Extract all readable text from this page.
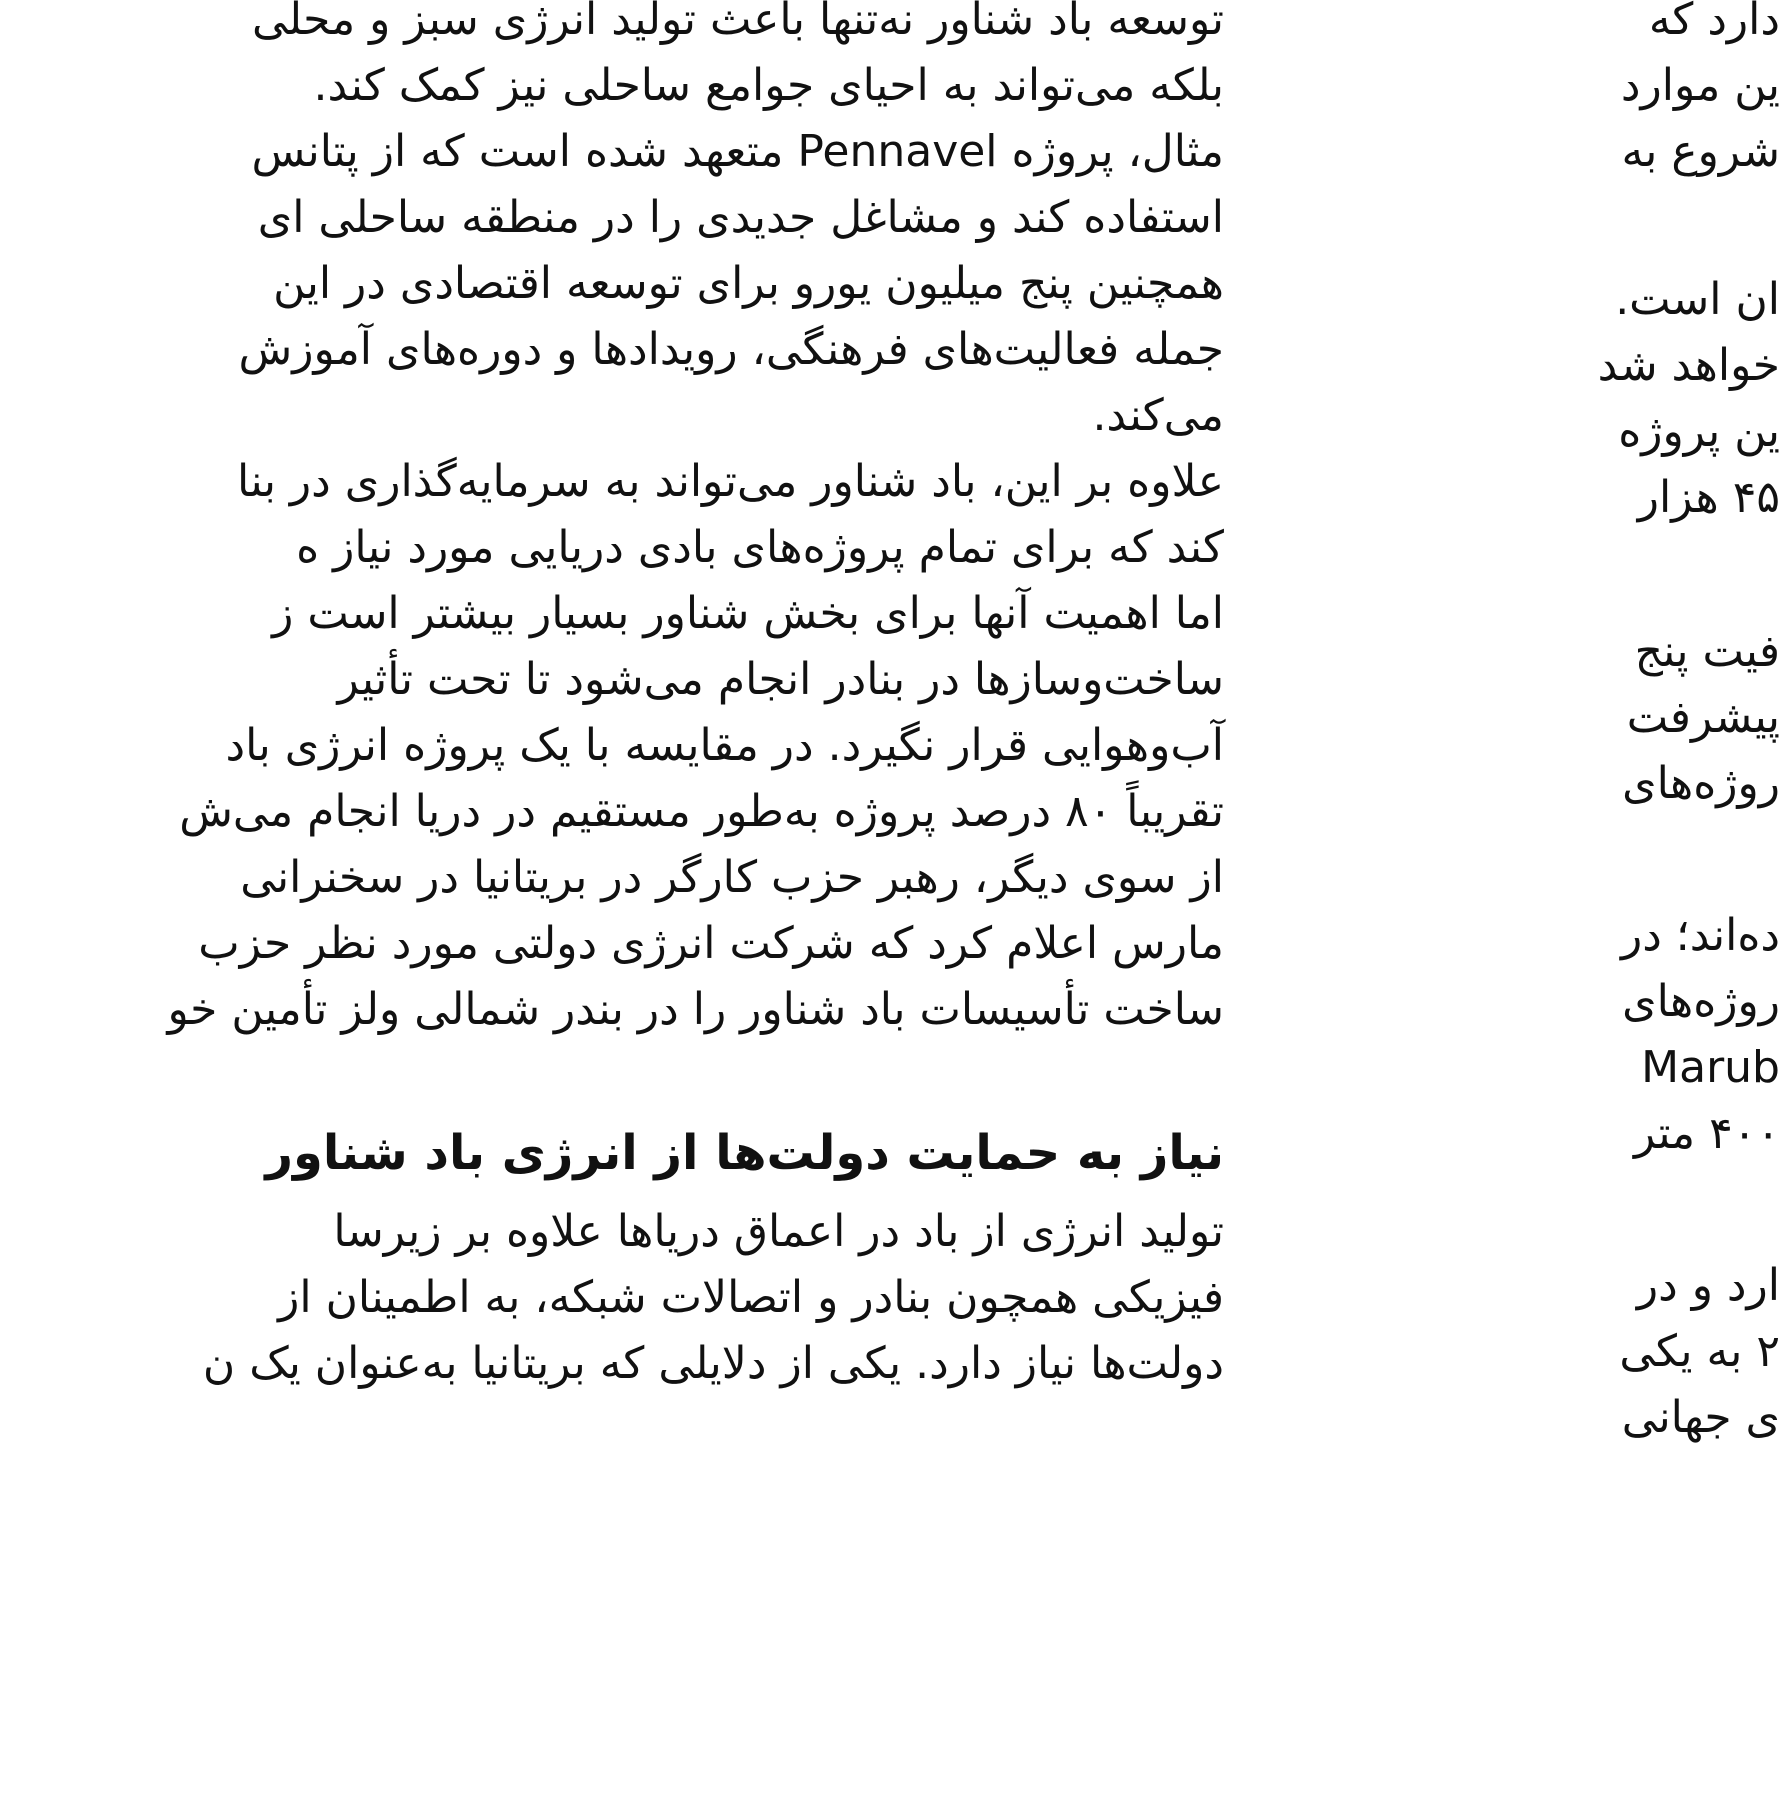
توسعه باد شناور نه‌تنها باعث تولید انرژی سبز و محلی
بلکه می‌تواند به احیای جوامع ساحلی نیز کمک کند.
مثال، پروژه Pennavel متعهد شده است که از پتانس
استفاده کند و مشاغل جدیدی را در منطقه ساحلی ای
همچنین پنج میلیون یورو برای توسعه اقتصادی در این
جمله فعالیت‌های فرهنگی، رویدادها و دوره‌های آموزش
می‌کند.
علاوه بر این، باد شناور می‌تواند به سرمایه‌گذاری در بنا
کند که برای تمام پروژه‌های بادی دریایی مورد نیاز ه
اما اهمیت آنها برای بخش شناور بسیار بیشتر است ز
ساخت‌وسازها در بنادر انجام می‌شود تا تحت تأثیر
آب‌وهوایی قرار نگیرد. در مقایسه با یک پروژه انرژی باد
تقریباً ۸۰ درصد پروژه به‌طور مستقیم در دریا انجام می‌ش
از سوی دیگر، رهبر حزب کارگر در بریتانیا در سخنرانی
مارس اعلام کرد که شرکت انرژی دولتی مورد نظر حزب
ساخت تأسیسات باد شناور را در بندر شمالی ولز تأمین خو
نیاز به حمایت دولت‌ها از انرژی باد شناور
تولید انرژی از باد در اعماق دریاها علاوه بر زیرسا
فیزیکی همچون بنادر و اتصالات شبکه، به اطمینان از
دولت‌ها نیاز دارد. یکی از دلایلی که بریتانیا به‌عنوان یک ن
دارد که
ین موارد
شروع به
ان است.
خواهد شد
ین پروژه
۴۵ هزار
فیت پنج
پیشرفت
روژه‌های
ده‌اند؛ در
روژه‌های
Marub
۴۰۰ متر
ارد و در
۲ به یکی
ی جهانی
